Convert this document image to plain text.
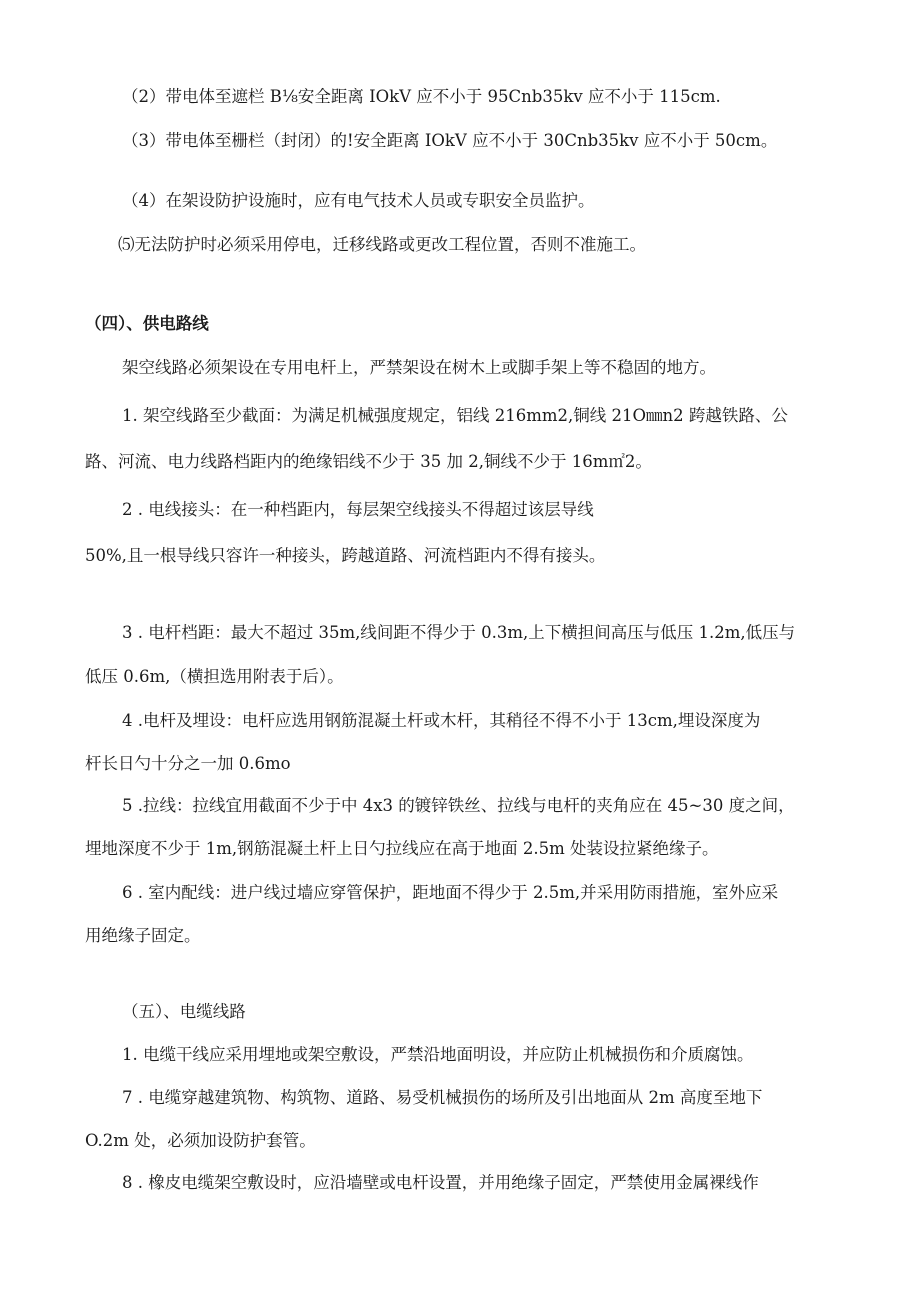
（2）带电体至遮栏 B⅛安全距离 IOkV 应不小于 95Cnb35kv 应不小于 115cm.
（3）带电体至栅栏（封闭）的!安全距离 IOkV 应不小于 30Cnb35kv 应不小于 50cm。
（4）在架设防护设施时，应有电气技术人员或专职安全员监护。
⑸无法防护时必须采用停电，迁移线路或更改工程位置，否则不准施工。
（四）、供电路线
架空线路必须架设在专用电杆上，严禁架设在树木上或脚手架上等不稳固的地方。
1. 架空线路至少截面：为满足机械强度规定，铝线 216mm2,铜线 21O㎜n2 跨越铁路、公
路、河流、电力线路档距内的绝缘铝线不少于 35 加 2,铜线不少于 16m㎡2。
2 . 电线接头：在一种档距内，每层架空线接头不得超过该层导线
50%,且一根导线只容许一种接头，跨越道路、河流档距内不得有接头。
3 . 电杆档距：最大不超过 35m,线间距不得少于 0.3m,上下横担间高压与低压 1.2m,低压与
低压 0.6m,（横担选用附表于后）。
4 .电杆及埋设：电杆应选用钢筋混凝土杆或木杆，其稍径不得不小于 13cm,埋设深度为
杆长日勺十分之一加 0.6mo
5 .拉线：拉线宜用截面不少于中 4x3 的镀锌铁丝、拉线与电杆的夹角应在 45~30 度之间，
埋地深度不少于 1m,钢筋混凝土杆上日勺拉线应在高于地面 2.5m 处装设拉紧绝缘子。
6 . 室内配线：进户线过墙应穿管保护，距地面不得少于 2.5m,并采用防雨措施，室外应采
用绝缘子固定。
（五）、电缆线路
1. 电缆干线应采用埋地或架空敷设，严禁沿地面明设，并应防止机械损伤和介质腐蚀。
7 . 电缆穿越建筑物、构筑物、道路、易受机械损伤的场所及引出地面从 2m 高度至地下
O.2m 处，必须加设防护套管。
8 . 橡皮电缆架空敷设时，应沿墙壁或电杆设置，并用绝缘子固定，严禁使用金属裸线作
